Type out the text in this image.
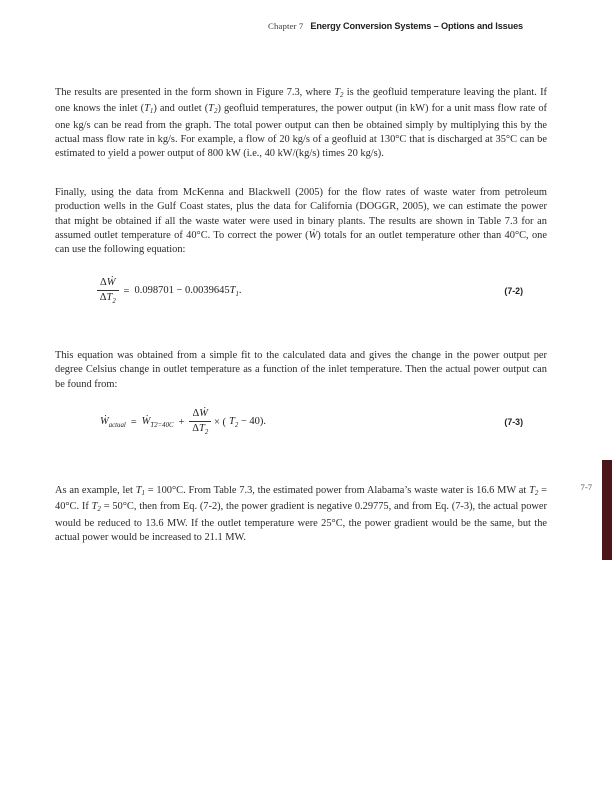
Chapter 7 Energy Conversion Systems – Options and Issues
The results are presented in the form shown in Figure 7.3, where T2 is the geofluid temperature leaving the plant. If one knows the inlet (T1) and outlet (T2) geofluid temperatures, the power output (in kW) for a unit mass flow rate of one kg/s can be read from the graph. The total power output can then be obtained simply by multiplying this by the actual mass flow rate in kg/s. For example, a flow of 20 kg/s of a geofluid at 130°C that is discharged at 35°C can be estimated to yield a power output of 800 kW (i.e., 40 kW/(kg/s) times 20 kg/s).
Finally, using the data from McKenna and Blackwell (2005) for the flow rates of waste water from petroleum production wells in the Gulf Coast states, plus the data for California (DOGGR, 2005), we can estimate the power that might be obtained if all the waste water were used in binary plants. The results are shown in Table 7.3 for an assumed outlet temperature of 40°C. To correct the power (Ẇ) totals for an outlet temperature other than 40°C, one can use the following equation:
$\frac{\text{ΔẆ}}{\Delta T_2} = 0.098701 - 0.0039645T_1$.	(7-2)
This equation was obtained from a simple fit to the calculated data and gives the change in the power output per degree Celsius change in outlet temperature as a function of the inlet temperature. Then the actual power output can be found from:
Ẇ$_{actual}$ = Ẇ$_{T2=40C}$ + $\frac{\text{ΔẆ}}{\Delta T_2}$ × ( $T_2 - 40$).	(7-3)
As an example, let T1 = 100°C. From Table 7.3, the estimated power from Alabama’s waste water is 16.6 MW at T2 = 40°C. If T2 = 50°C, then from Eq. (7-2), the power gradient is negative 0.29775, and from Eq. (7-3), the actual power would be reduced to 13.6 MW. If the outlet temperature were 25°C, the power gradient would be the same, but the actual power would be increased to 21.1 MW.
7-7
